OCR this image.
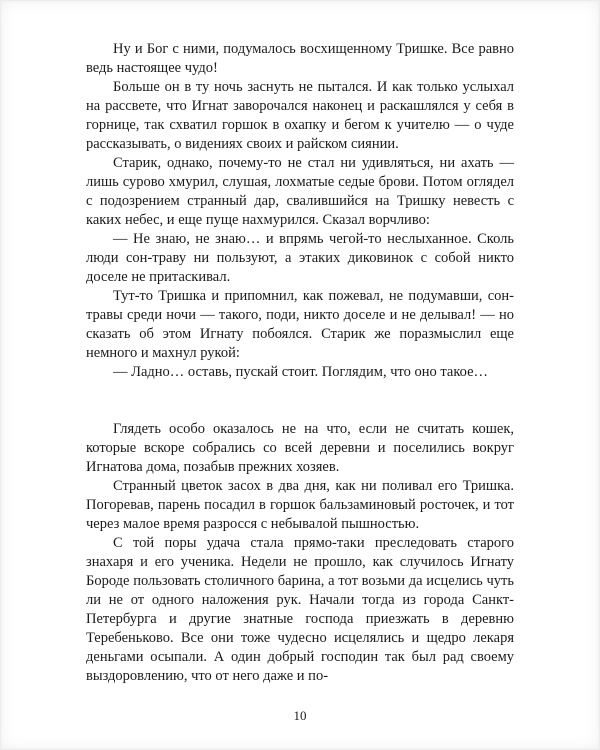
Ну и Бог с ними, подумалось восхищенному Тришке. Все равно ведь настоящее чудо!

Больше он в ту ночь заснуть не пытался. И как только услыхал на рассвете, что Игнат заворочался наконец и раскашлялся у себя в горнице, так схватил горшок в охапку и бегом к учителю — о чуде рассказывать, о видениях своих и райском сиянии.

Старик, однако, почему-то не стал ни удивляться, ни ахать — лишь сурово хмурил, слушая, лохматые седые брови. Потом оглядел с подозрением странный дар, свалившийся на Тришку невесть с каких небес, и еще пуще нахмурился. Сказал ворчливо:

— Не знаю, не знаю… и впрямь чегой-то неслыханное. Сколь люди сон-траву ни пользуют, а этаких диковинок с собой никто доселе не притаскивал.

Тут-то Тришка и припомнил, как пожевал, не подумавши, сон-травы среди ночи — такого, поди, никто доселе и не делывал! — но сказать об этом Игнату побоялся. Старик же поразмыслил еще немного и махнул рукой:

— Ладно… оставь, пускай стоит. Поглядим, что оно такое…

Глядеть особо оказалось не на что, если не считать кошек, которые вскоре собрались со всей деревни и поселились вокруг Игнатова дома, позабыв прежних хозяев.

Странный цветок засох в два дня, как ни поливал его Тришка. Погоревав, парень посадил в горшок бальзаминовый росточек, и тот через малое время разросся с небывалой пышностью.

С той поры удача стала прямо-таки преследовать старого знахаря и его ученика. Недели не прошло, как случилось Игнату Бороде пользовать столичного барина, а тот возьми да исцелись чуть ли не от одного наложения рук. Начали тогда из города Санкт-Петербурга и другие знатные господа приезжать в деревню Теребеньково. Все они тоже чудесно исцелялись и щедро лекаря деньгами осыпали. А один добрый господин так был рад своему выздоровлению, что от него даже и по-

10
